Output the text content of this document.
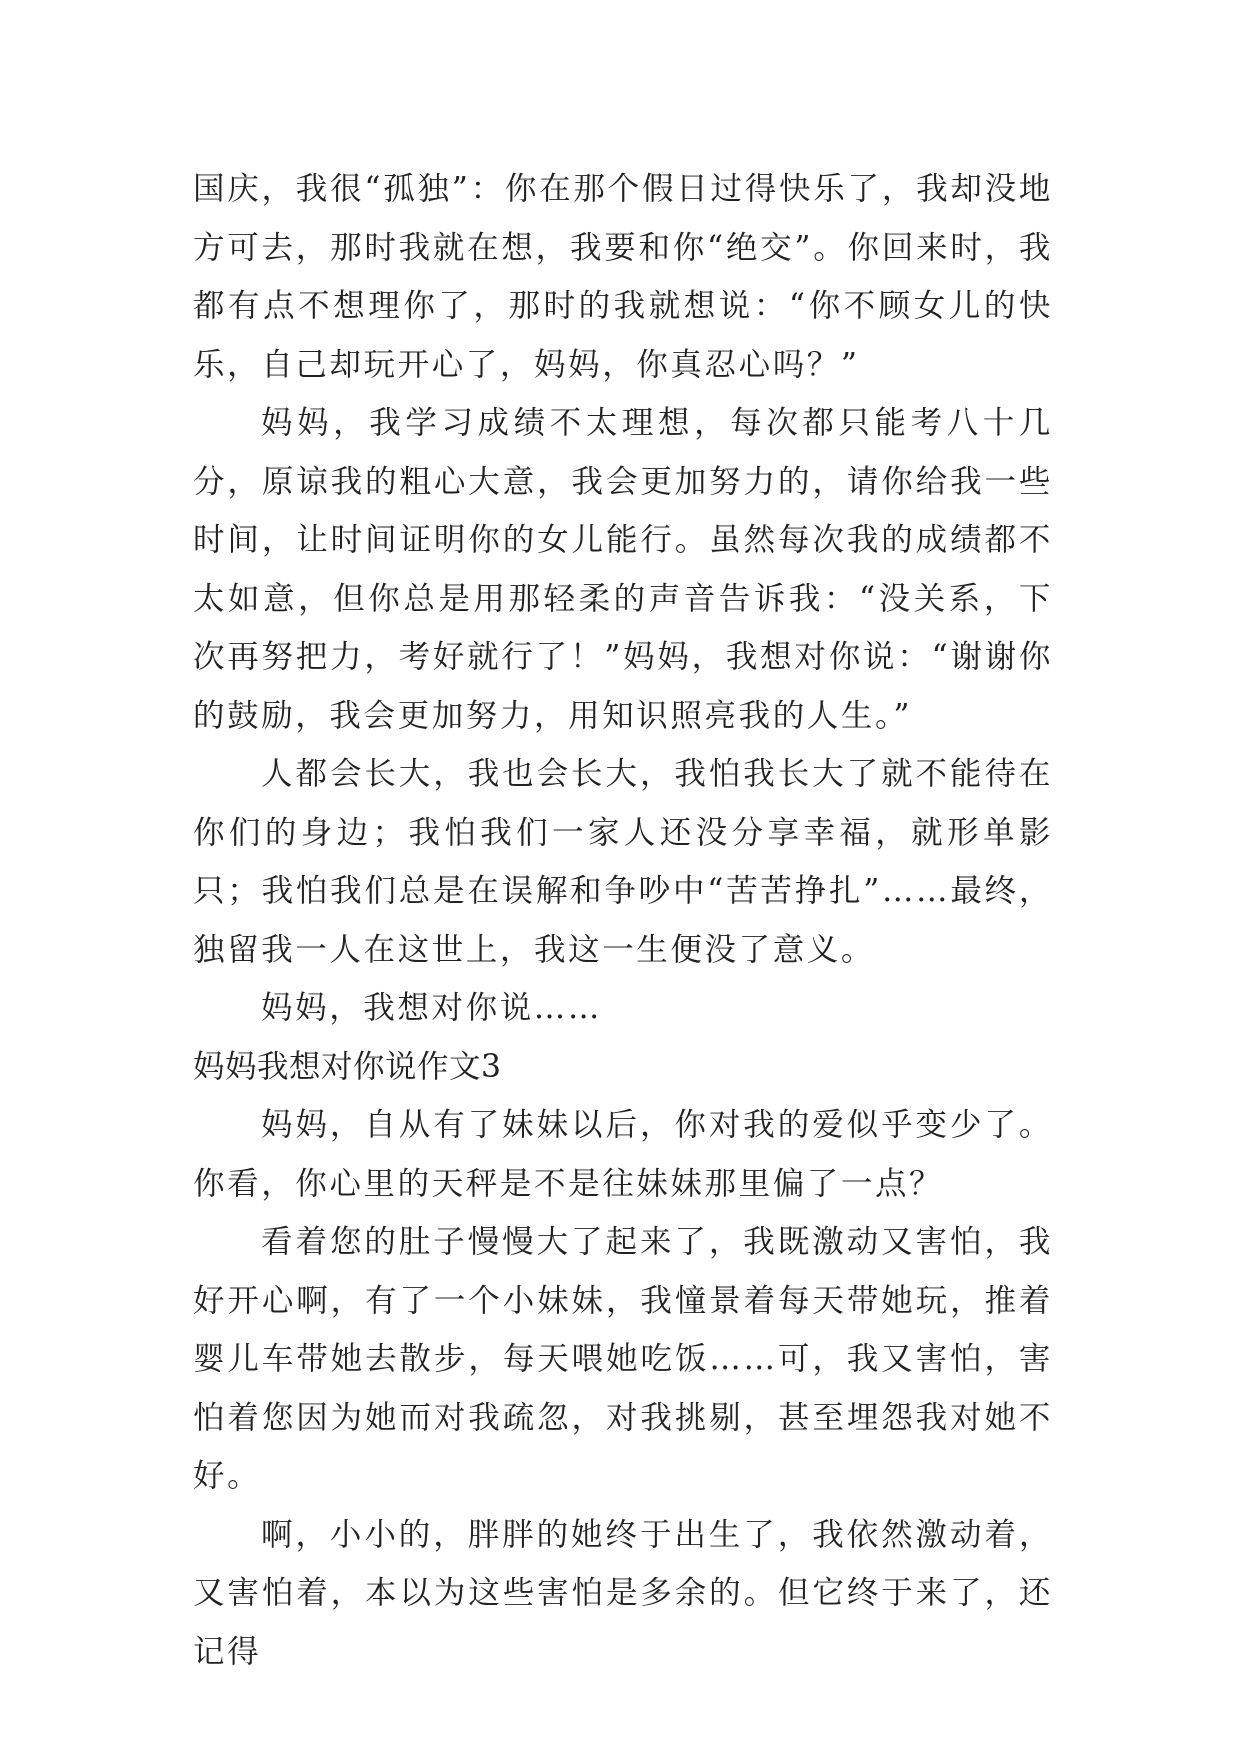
国庆，我很“孤独”：你在那个假日过得快乐了，我却没地方可去，那时我就在想，我要和你“绝交”。你回来时，我都有点不想理你了，那时的我就想说：“你不顾女儿的快乐，自己却玩开心了，妈妈，你真忍心吗？”

妈妈，我学习成绩不太理想，每次都只能考八十几分，原谅我的粗心大意，我会更加努力的，请你给我一些时间，让时间证明你的女儿能行。虽然每次我的成绩都不太如意，但你总是用那轻柔的声音告诉我：“没关系，下次再努把力，考好就行了！”妈妈，我想对你说：“谢谢你的鼓励，我会更加努力，用知识照亮我的人生。”

人都会长大，我也会长大，我怕我长大了就不能待在你们的身边；我怕我们一家人还没分享幸福，就形单影只；我怕我们总是在误解和争吵中“苦苦挣扎”……最终，独留我一人在这世上，我这一生便没了意义。

妈妈，我想对你说……

妈妈我想对你说作文3

妈妈，自从有了妹妹以后，你对我的爱似乎变少了。你看，你心里的天秤是不是往妹妹那里偏了一点？

看着您的肚子慢慢大了起来了，我既激动又害怕，我好开心啊，有了一个小妹妹，我憧景着每天带她玩，推着婴儿车带她去散步，每天喂她吃饭……可，我又害怕，害怕着您因为她而对我疏忽，对我挑剔，甚至埋怨我对她不好。

啊，小小的，胖胖的她终于出生了，我依然激动着，又害怕着，本以为这些害怕是多余的。但它终于来了，还记得
